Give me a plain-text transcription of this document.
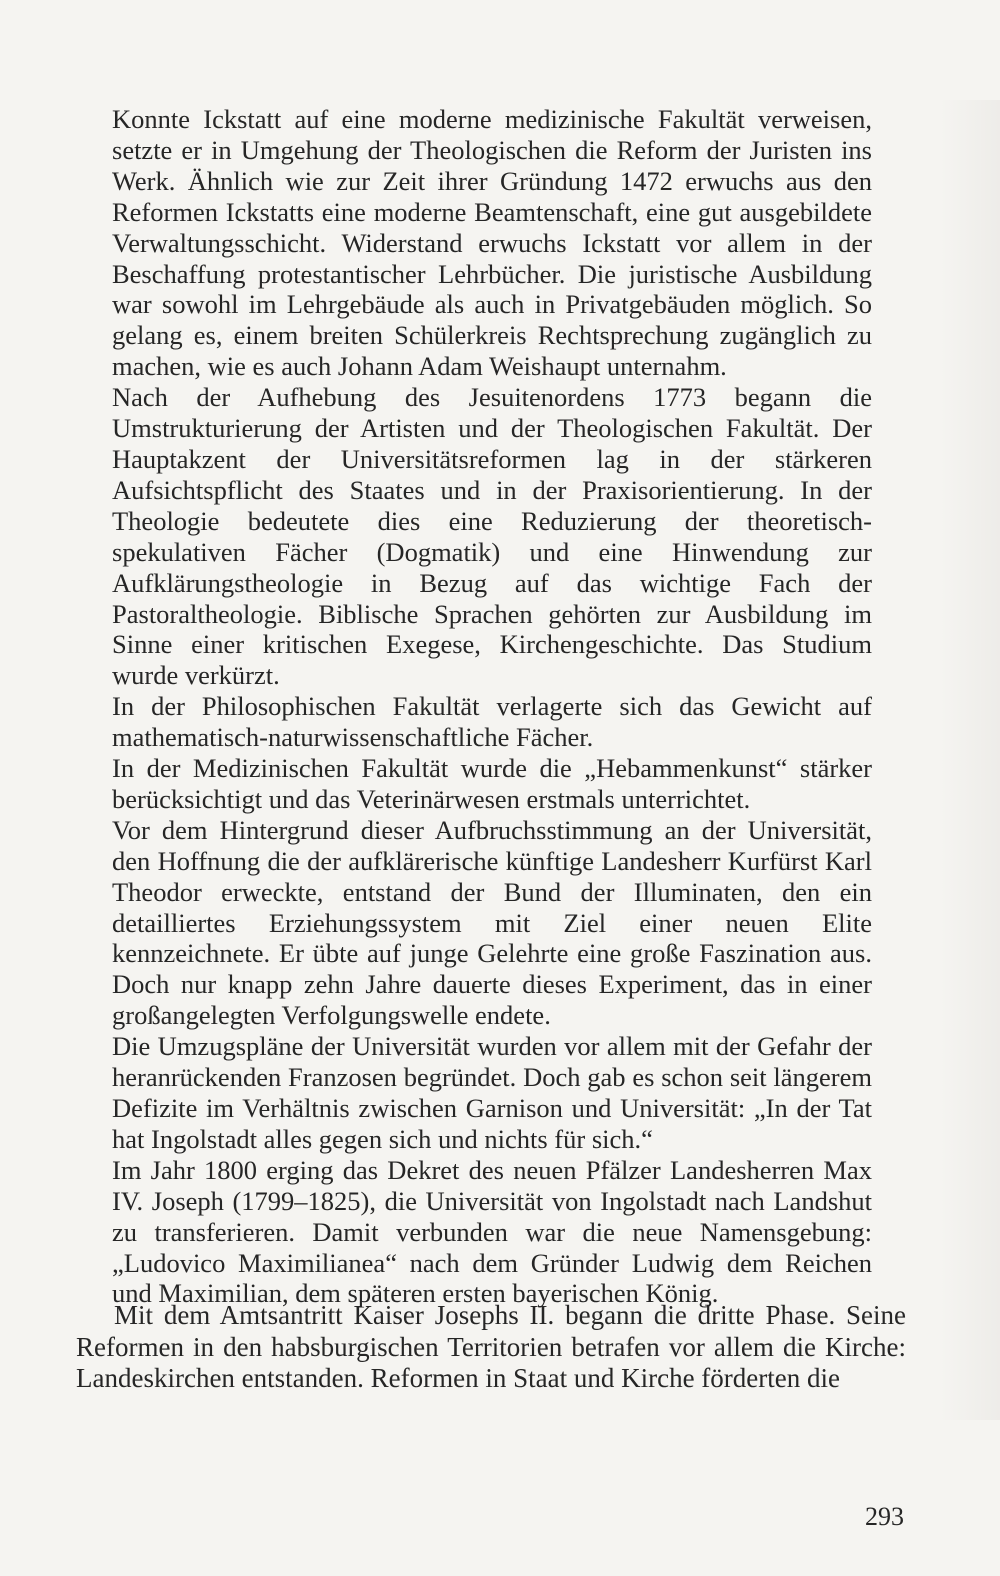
Konnte Ickstatt auf eine moderne medizinische Fakultät verweisen, setzte er in Umgehung der Theologischen die Reform der Juristen ins Werk. Ähnlich wie zur Zeit ihrer Gründung 1472 erwuchs aus den Reformen Ickstatts eine moderne Beamtenschaft, eine gut ausgebildete Verwaltungsschicht. Widerstand erwuchs Ickstatt vor allem in der Beschaffung protestantischer Lehrbücher. Die juristische Ausbildung war sowohl im Lehrgebäude als auch in Privatgebäuden möglich. So gelang es, einem breiten Schülerkreis Rechtsprechung zugänglich zu machen, wie es auch Johann Adam Weishaupt unternahm.

Nach der Aufhebung des Jesuitenordens 1773 begann die Umstrukturierung der Artisten und der Theologischen Fakultät. Der Hauptakzent der Universitätsreformen lag in der stärkeren Aufsichtspflicht des Staates und in der Praxisorientierung. In der Theologie bedeutete dies eine Reduzierung der theoretisch-spekulativen Fächer (Dogmatik) und eine Hinwendung zur Aufklärungstheologie in Bezug auf das wichtige Fach der Pastoraltheologie. Biblische Sprachen gehörten zur Ausbildung im Sinne einer kritischen Exegese, Kirchengeschichte. Das Studium wurde verkürzt.

In der Philosophischen Fakultät verlagerte sich das Gewicht auf mathematisch-naturwissenschaftliche Fächer.

In der Medizinischen Fakultät wurde die „Hebammenkunst“ stärker berücksichtigt und das Veterinärwesen erstmals unterrichtet.

Vor dem Hintergrund dieser Aufbruchsstimmung an der Universität, den Hoffnung die der aufklärerische künftige Landesherr Kurfürst Karl Theodor erweckte, entstand der Bund der Illuminaten, den ein detailliertes Erziehungssystem mit Ziel einer neuen Elite kennzeichnete. Er übte auf junge Gelehrte eine große Faszination aus. Doch nur knapp zehn Jahre dauerte dieses Experiment, das in einer großangelegten Verfolgungswelle endete.

Die Umzugspläne der Universität wurden vor allem mit der Gefahr der heranrückenden Franzosen begründet. Doch gab es schon seit längerem Defizite im Verhältnis zwischen Garnison und Universität: „In der Tat hat Ingolstadt alles gegen sich und nichts für sich.“

Im Jahr 1800 erging das Dekret des neuen Pfälzer Landesherren Max IV. Joseph (1799–1825), die Universität von Ingolstadt nach Landshut zu transferieren. Damit verbunden war die neue Namensgebung: „Ludovico Maximilianea“ nach dem Gründer Ludwig dem Reichen und Maximilian, dem späteren ersten bayerischen König.

Mit dem Amtsantritt Kaiser Josephs II. begann die dritte Phase. Seine Reformen in den habsburgischen Territorien betrafen vor allem die Kirche: Landeskirchen entstanden. Reformen in Staat und Kirche förderten die

293
